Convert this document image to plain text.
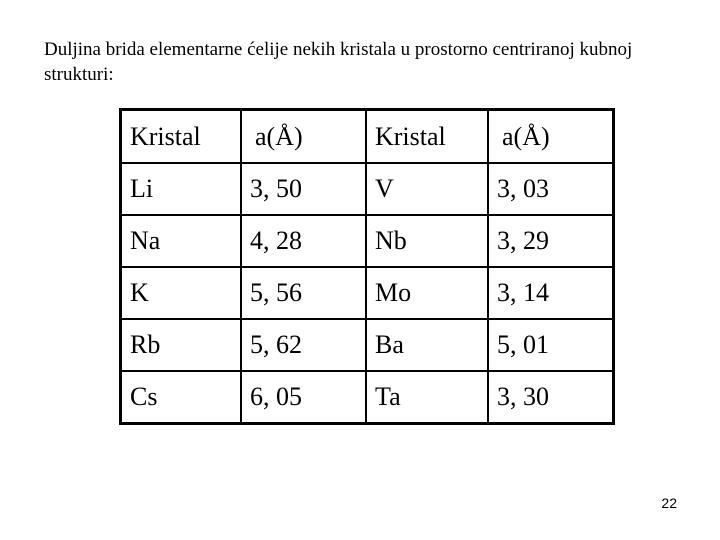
Duljina brida elementarne ćelije nekih kristala u prostorno centriranoj kubnoj strukturi:

Kristal	a(Å)	Kristal	a(Å)
Li	3, 50	V	3, 03
Na	4, 28	Nb	3, 29
K	5, 56	Mo	3, 14
Rb	5, 62	Ba	5, 01
Cs	6, 05	Ta	3, 30
22
